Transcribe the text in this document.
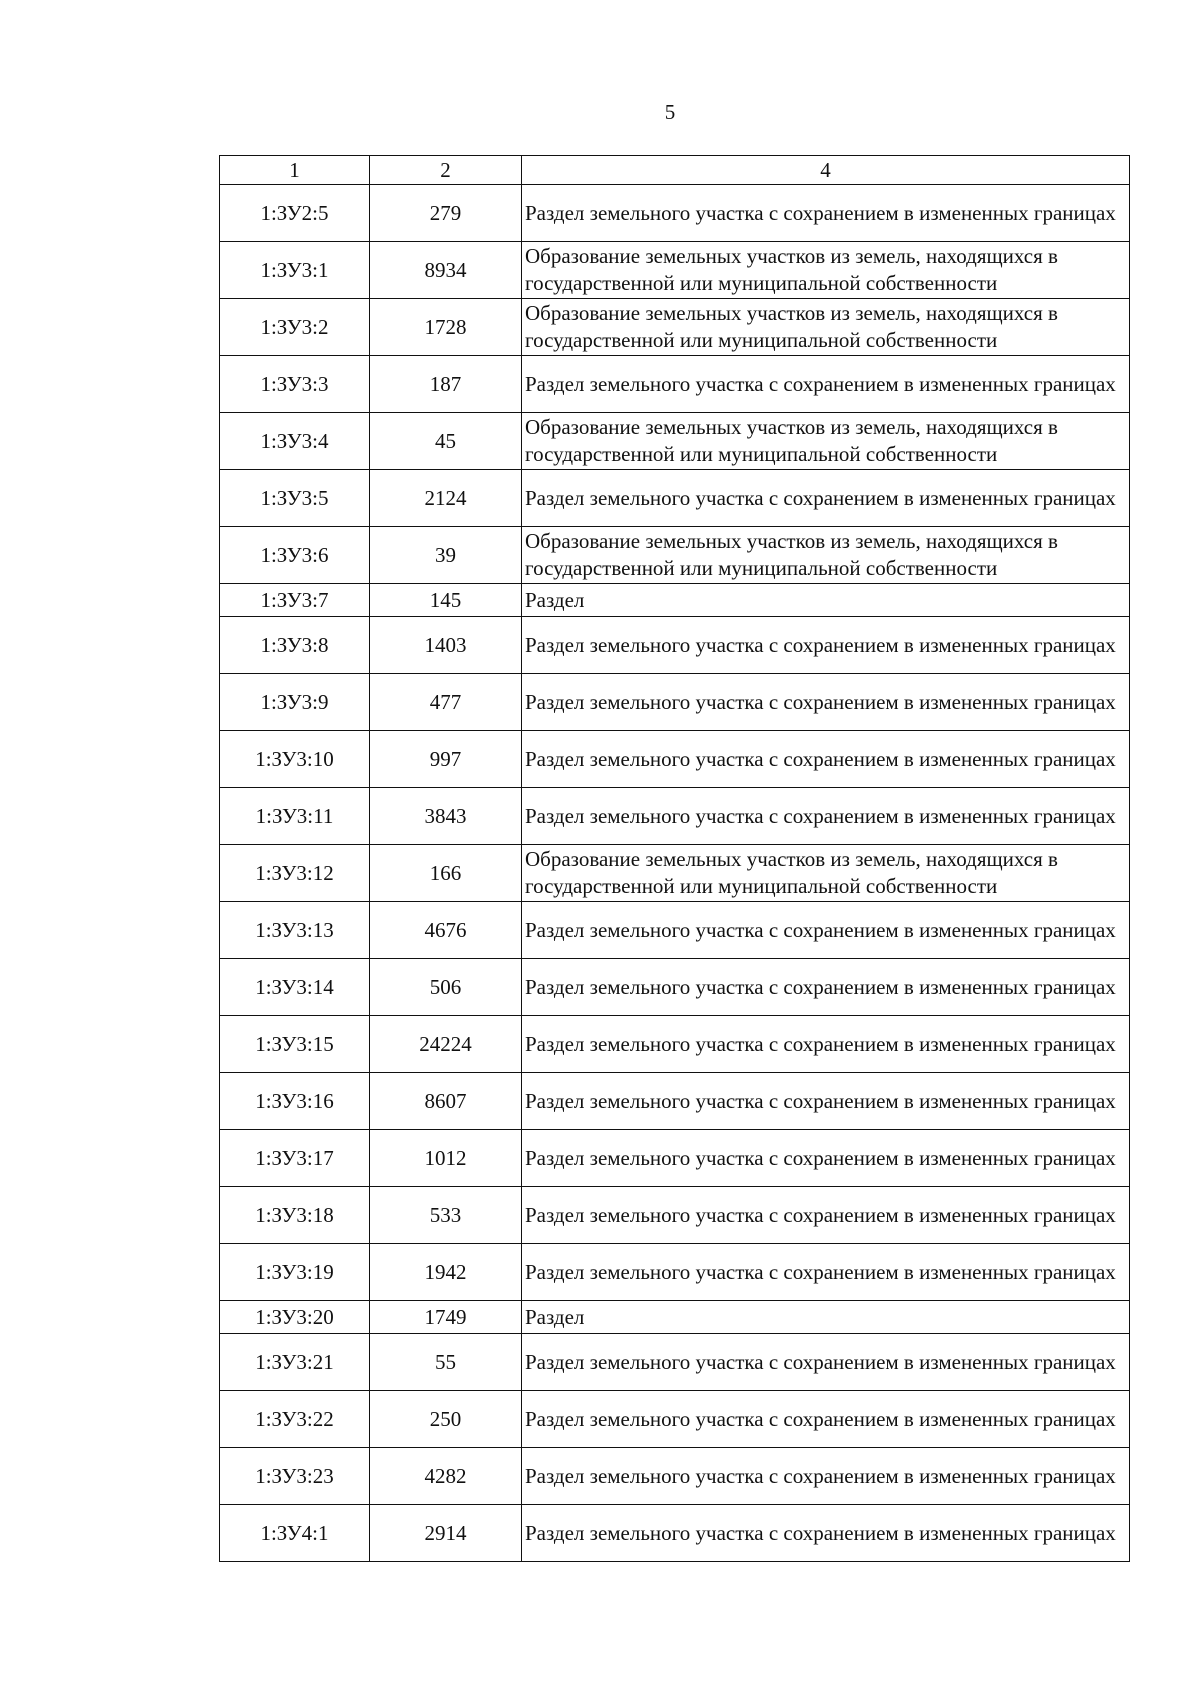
5
1	2	4
1:ЗУ2:5	279	Раздел земельного участка с сохранением в измененных границах
1:ЗУ3:1	8934	Образование земельных участков из земель, находящихся в государственной или муниципальной собственности
1:ЗУ3:2	1728	Образование земельных участков из земель, находящихся в государственной или муниципальной собственности
1:ЗУ3:3	187	Раздел земельного участка с сохранением в измененных границах
1:ЗУ3:4	45	Образование земельных участков из земель, находящихся в государственной или муниципальной собственности
1:ЗУ3:5	2124	Раздел земельного участка с сохранением в измененных границах
1:ЗУ3:6	39	Образование земельных участков из земель, находящихся в государственной или муниципальной собственности
1:ЗУ3:7	145	Раздел
1:ЗУ3:8	1403	Раздел земельного участка с сохранением в измененных границах
1:ЗУ3:9	477	Раздел земельного участка с сохранением в измененных границах
1:ЗУ3:10	997	Раздел земельного участка с сохранением в измененных границах
1:ЗУ3:11	3843	Раздел земельного участка с сохранением в измененных границах
1:ЗУ3:12	166	Образование земельных участков из земель, находящихся в государственной или муниципальной собственности
1:ЗУ3:13	4676	Раздел земельного участка с сохранением в измененных границах
1:ЗУ3:14	506	Раздел земельного участка с сохранением в измененных границах
1:ЗУ3:15	24224	Раздел земельного участка с сохранением в измененных границах
1:ЗУ3:16	8607	Раздел земельного участка с сохранением в измененных границах
1:ЗУ3:17	1012	Раздел земельного участка с сохранением в измененных границах
1:ЗУ3:18	533	Раздел земельного участка с сохранением в измененных границах
1:ЗУ3:19	1942	Раздел земельного участка с сохранением в измененных границах
1:ЗУ3:20	1749	Раздел
1:ЗУ3:21	55	Раздел земельного участка с сохранением в измененных границах
1:ЗУ3:22	250	Раздел земельного участка с сохранением в измененных границах
1:ЗУ3:23	4282	Раздел земельного участка с сохранением в измененных границах
1:ЗУ4:1	2914	Раздел земельного участка с сохранением в измененных границах
